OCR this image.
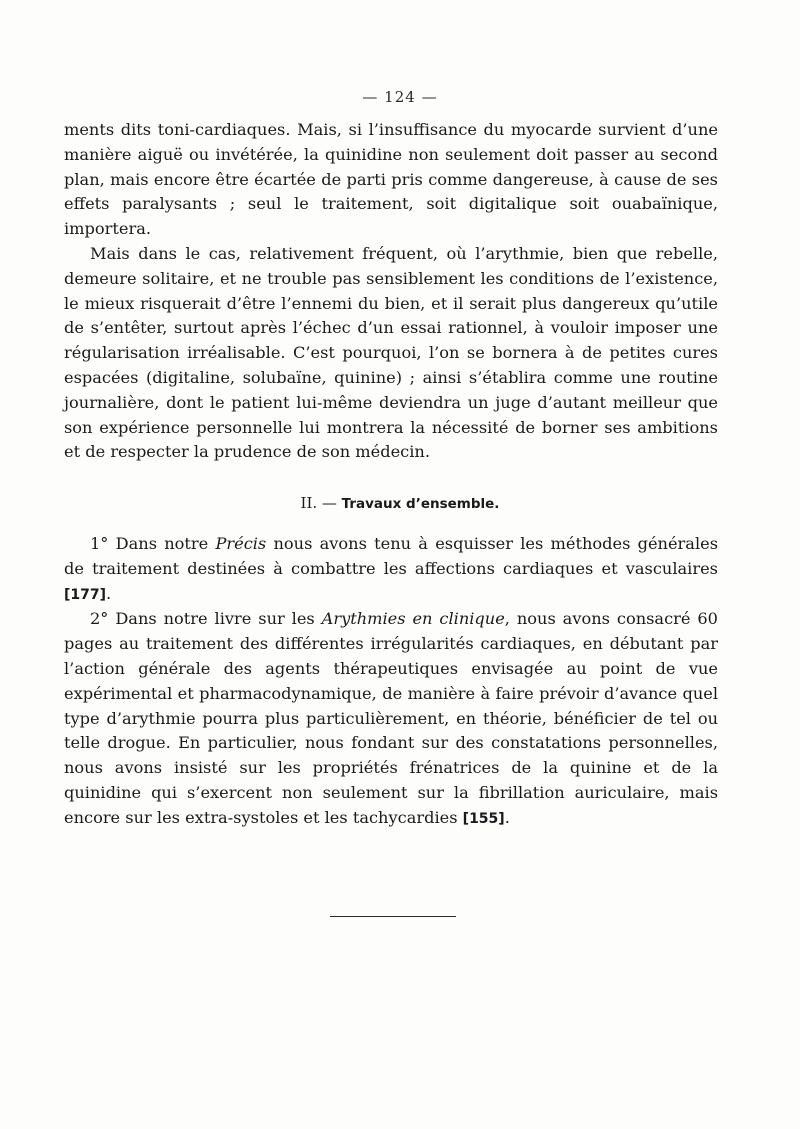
— 124 —

ments dits toni-cardiaques. Mais, si l’insuffisance du myocarde survient d’une manière aiguë ou invétérée, la quinidine non seulement doit passer au second plan, mais encore être écartée de parti pris comme dangereuse, à cause de ses effets paralysants ; seul le traitement, soit digitalique soit ouabaïnique, importera.

Mais dans le cas, relativement fréquent, où l’arythmie, bien que rebelle, demeure solitaire, et ne trouble pas sensiblement les conditions de l’existence, le mieux risquerait d’être l’ennemi du bien, et il serait plus dangereux qu’utile de s’entêter, surtout après l’échec d’un essai rationnel, à vouloir imposer une régularisation irréalisable. C’est pourquoi, l’on se bornera à de petites cures espacées (digitaline, solubaïne, quinine) ; ainsi s’établira comme une routine journalière, dont le patient lui-même deviendra un juge d’autant meilleur que son expérience personnelle lui montrera la nécessité de borner ses ambitions et de respecter la prudence de son médecin.

II. — Travaux d’ensemble.

1° Dans notre Précis nous avons tenu à esquisser les méthodes générales de traitement destinées à combattre les affections cardiaques et vasculaires [177].

2° Dans notre livre sur les Arythmies en clinique, nous avons consacré 60 pages au traitement des différentes irrégularités cardiaques, en débutant par l’action générale des agents thérapeutiques envisagée au point de vue expérimental et pharmacodynamique, de manière à faire prévoir d’avance quel type d’arythmie pourra plus particulièrement, en théorie, bénéficier de tel ou telle drogue. En particulier, nous fondant sur des constatations personnelles, nous avons insisté sur les propriétés frénatrices de la quinine et de la quinidine qui s’exercent non seulement sur la fibrillation auriculaire, mais encore sur les extra-systoles et les tachycardies [155].
